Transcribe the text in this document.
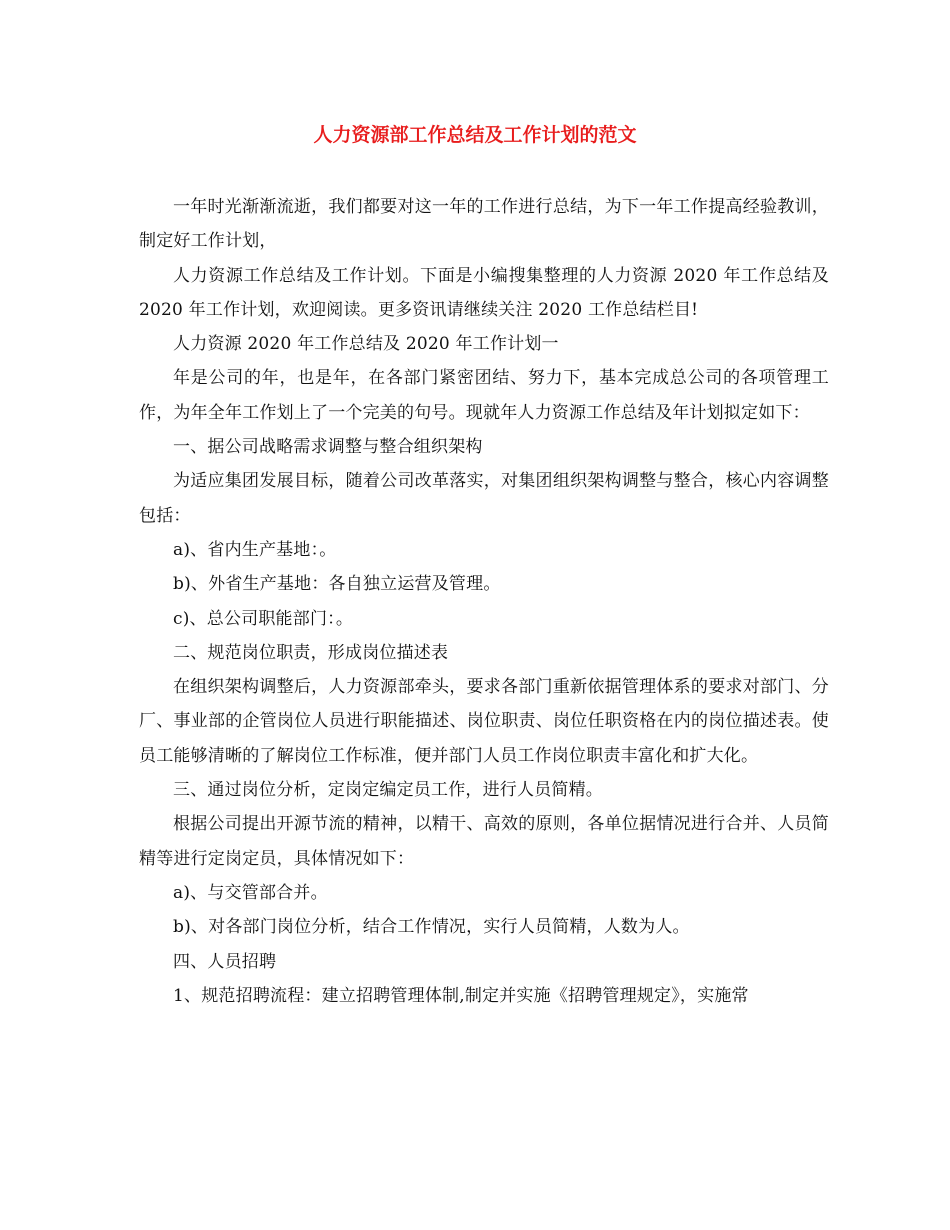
人力资源部工作总结及工作计划的范文

一年时光渐渐流逝，我们都要对这一年的工作进行总结，为下一年工作提高经验教训，制定好工作计划，

人力资源工作总结及工作计划。下面是小编搜集整理的人力资源 2020 年工作总结及 2020 年工作计划，欢迎阅读。更多资讯请继续关注 2020 工作总结栏目!

人力资源 2020 年工作总结及 2020 年工作计划一

年是公司的年，也是年，在各部门紧密团结、努力下，基本完成总公司的各项管理工作，为年全年工作划上了一个完美的句号。现就年人力资源工作总结及年计划拟定如下：

一、据公司战略需求调整与整合组织架构

为适应集团发展目标，随着公司改革落实，对集团组织架构调整与整合，核心内容调整包括：

a)、省内生产基地：。

b)、外省生产基地：各自独立运营及管理。

c)、总公司职能部门：。

二、规范岗位职责，形成岗位描述表

在组织架构调整后，人力资源部牵头，要求各部门重新依据管理体系的要求对部门、分厂、事业部的企管岗位人员进行职能描述、岗位职责、岗位任职资格在内的岗位描述表。使员工能够清晰的了解岗位工作标准，便并部门人员工作岗位职责丰富化和扩大化。

三、通过岗位分析，定岗定编定员工作，进行人员简精。

根据公司提出开源节流的精神，以精干、高效的原则，各单位据情况进行合并、人员简精等进行定岗定员，具体情况如下：

a)、与交管部合并。

b)、对各部门岗位分析，结合工作情况，实行人员简精，人数为人。

四、人员招聘

1、规范招聘流程：建立招聘管理体制,制定并实施《招聘管理规定》，实施常
